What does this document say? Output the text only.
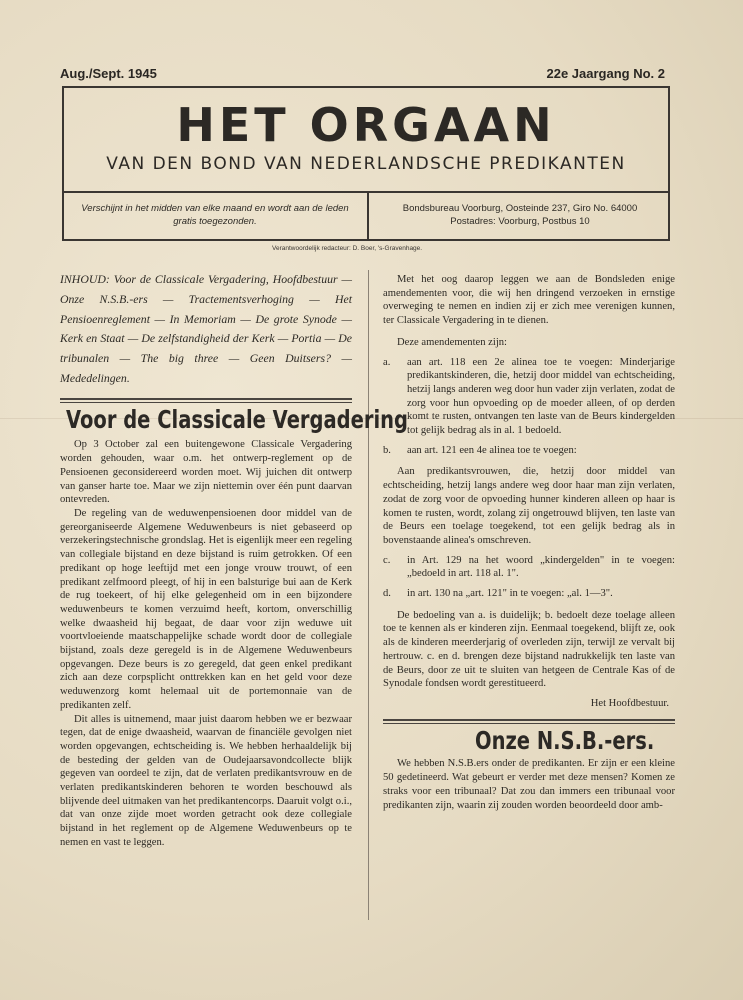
Aug./Sept. 1945	22e Jaargang No. 2
HET ORGAAN
VAN DEN BOND VAN NEDERLANDSCHE PREDIKANTEN
Verschijnt in het midden van elke maand en wordt aan de leden gratis toegezonden.
Bondsbureau Voorburg, Oosteinde 237, Giro No. 64000
Postadres: Voorburg, Postbus 10
Verantwoordelijk redacteur: D. Boer, 's-Gravenhage.

INHOUD: Voor de Classicale Vergadering, Hoofdbestuur — Onze N.S.B.-ers — Tractementsverhoging — Het Pensioenreglement — In Memoriam — De grote Synode — Kerk en Staat — De zelfstandigheid der Kerk — Portia — De tribunalen — The big three — Geen Duitsers? — Mededelingen.

Voor de Classicale Vergadering

Op 3 October zal een buitengewone Classicale Vergadering worden gehouden, waar o.m. het ontwerp-reglement op de Pensioenen geconsidereerd worden moet. Wij juichen dit ontwerp van ganser harte toe. Maar we zijn niettemin over één punt daarvan ontevreden.

De regeling van de weduwenpensioenen door middel van de gereorganiseerde Algemene Weduwenbeurs is niet gebaseerd op verzekeringstechnische grondslag. Het is eigenlijk meer een regeling van collegiale bijstand en deze bijstand is ruim getrokken. Of een predikant op hoge leeftijd met een jonge vrouw trouwt, of een predikant zelfmoord pleegt, of hij in een balsturige bui aan de Kerk de rug toekeert, of hij elke gelegenheid om in een bijzondere weduwenbeurs te komen verzuimd heeft, kortom, onverschillig welke dwaasheid hij begaat, de daar voor zijn weduwe uit voortvloeiende maatschappelijke schade wordt door de collegiale bijstand, zoals deze geregeld is in de Algemene Weduwenbeurs opgevangen. Deze beurs is zo geregeld, dat geen enkel predikant zich aan deze corpsplicht onttrekken kan en het geld voor deze weduwenzorg komt helemaal uit de portemonnaie van de predikanten zelf.

Dit alles is uitnemend, maar juist daarom hebben we er bezwaar tegen, dat de enige dwaasheid, waarvan de financiële gevolgen niet worden opgevangen, echtscheiding is. We hebben herhaaldelijk bij de besteding der gelden van de Oudejaarsavondcollecte blijk gegeven van oordeel te zijn, dat de verlaten predikantsvrouw en de verlaten predikantskinderen behoren te worden beschouwd als blijvende deel uitmaken van het predikantencorps. Daaruit volgt o.i., dat van onze zijde moet worden getracht ook deze collegiale bijstand in het reglement op de Algemene Weduwenbeurs op te nemen en vast te leggen.

Met het oog daarop leggen we aan de Bondsleden enige amendementen voor, die wij hen dringend verzoeken in ernstige overweging te nemen en indien zij er zich mee verenigen kunnen, ter Classicale Vergadering in te dienen.

Deze amendementen zijn:

a.	aan art. 118 een 2e alinea toe te voegen: Minderjarige predikantskinderen, die, hetzij door middel van echtscheiding, hetzij langs anderen weg door hun vader zijn verlaten, zodat de zorg voor hun opvoeding op de moeder alleen, of op derden komt te rusten, ontvangen ten laste van de Beurs kindergelden tot gelijk bedrag als in al. 1 bedoeld.
b.	aan art. 121 een 4e alinea toe te voegen:

Aan predikantsvrouwen, die, hetzij door middel van echtscheiding, hetzij langs andere weg door haar man zijn verlaten, zodat de zorg voor de opvoeding hunner kinderen alleen op haar is komen te rusten, wordt, zolang zij ongetrouwd blijven, ten laste van de Beurs een toelage toegekend, tot een gelijk bedrag als in bovenstaande alinea's omschreven.

c.	in Art. 129 na het woord „kindergelden" in te voegen: „bedoeld in art. 118 al. 1".
d.	in art. 130 na „art. 121" in te voegen: „al. 1—3".

De bedoeling van a. is duidelijk; b. bedoelt deze toelage alleen toe te kennen als er kinderen zijn. Eenmaal toegekend, blijft ze, ook als de kinderen meerderjarig of overleden zijn, terwijl ze vervalt bij hertrouw. c. en d. brengen deze bijstand nadrukkelijk ten laste van de Beurs, door ze uit te sluiten van hetgeen de Centrale Kas of de Synodale fondsen wordt gerestitueerd.

Het Hoofdbestuur.
Onze N.S.B.-ers.

We hebben N.S.B.ers onder de predikanten. Er zijn er een kleine 50 gedetineerd. Wat gebeurt er verder met deze mensen? Komen ze straks voor een tribunaal? Dat zou dan immers een tribunaal voor predikanten zijn, waarin zij zouden worden beoordeeld door amb-
